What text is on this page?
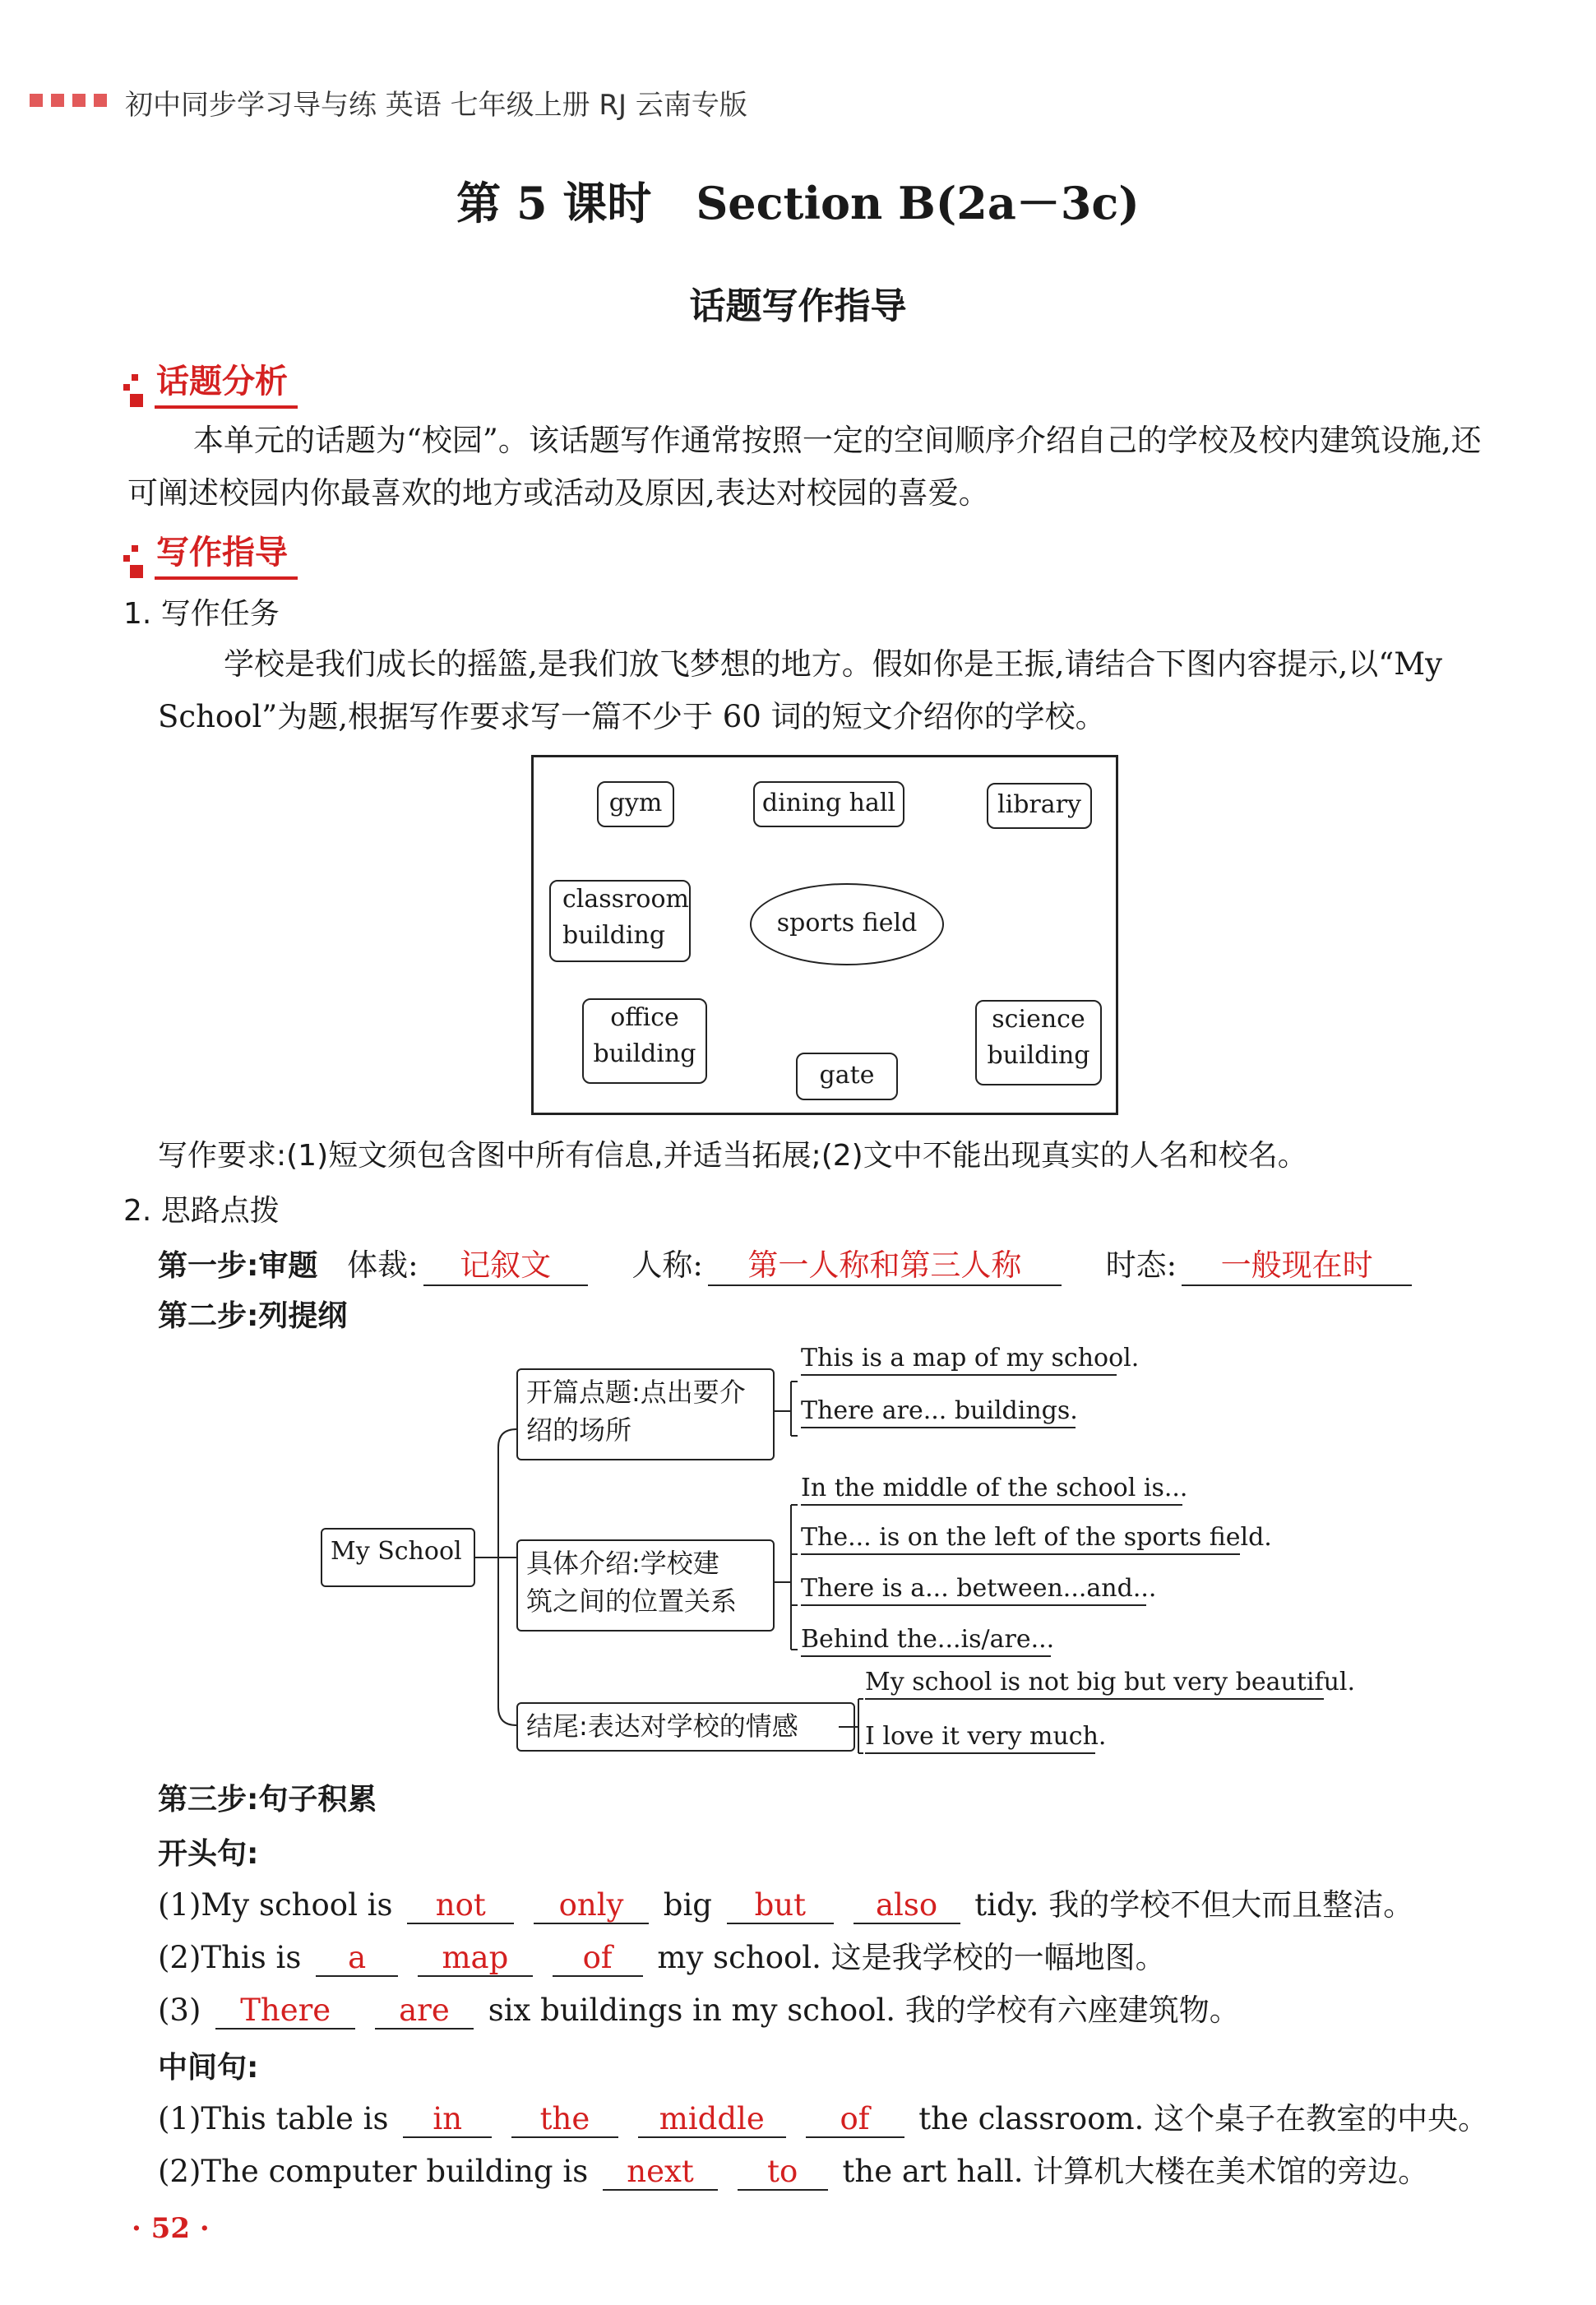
初中同步学习导与练 英语 七年级上册 RJ 云南专版
第 5 课时　Section B(2a－3c)
话题写作指导
话题分析
本单元的话题为“校园”。该话题写作通常按照一定的空间顺序介绍自己的学校及校内建筑设施,还可阐述校园内你最喜欢的地方或活动及原因,表达对校园的喜爱。
写作指导
1. 写作任务
学校是我们成长的摇篮,是我们放飞梦想的地方。假如你是王振,请结合下图内容提示,以“My School”为题,根据写作要求写一篇不少于 60 词的短文介绍你的学校。
gym	dining hall	library
classroom
building	sports field
office
building
gate
science
building
写作要求:(1)短文须包含图中所有信息,并适当拓展;(2)文中不能出现真实的人名和校名。
2. 思路点拨
第一步:审题 体裁: 记叙文	人称: 第一人称和第三人称	时态: 一般现在时
第二步:列提纲
My School
开篇点题:点出要介
绍的场所
This is a map of my school.
There are... buildings.
具体介绍:学校建
筑之间的位置关系
In the middle of the school is...
The... is on the left of the sports field.
There is a... between...and...
Behind the...is/are...
结尾:表达对学校的情感
My school is not big but very beautiful.
I love it very much.
第三步:句子积累
开头句:
(1)My school is not only big but also tidy. 我的学校不但大而且整洁。
(2)This is a map of my school. 这是我学校的一幅地图。
(3) There are six buildings in my school. 我的学校有六座建筑物。
中间句:
(1)This table is in	the middle of the classroom. 这个桌子在教室的中央。
(2)The computer building is next to the art hall. 计算机大楼在美术馆的旁边。
· 52 ·
